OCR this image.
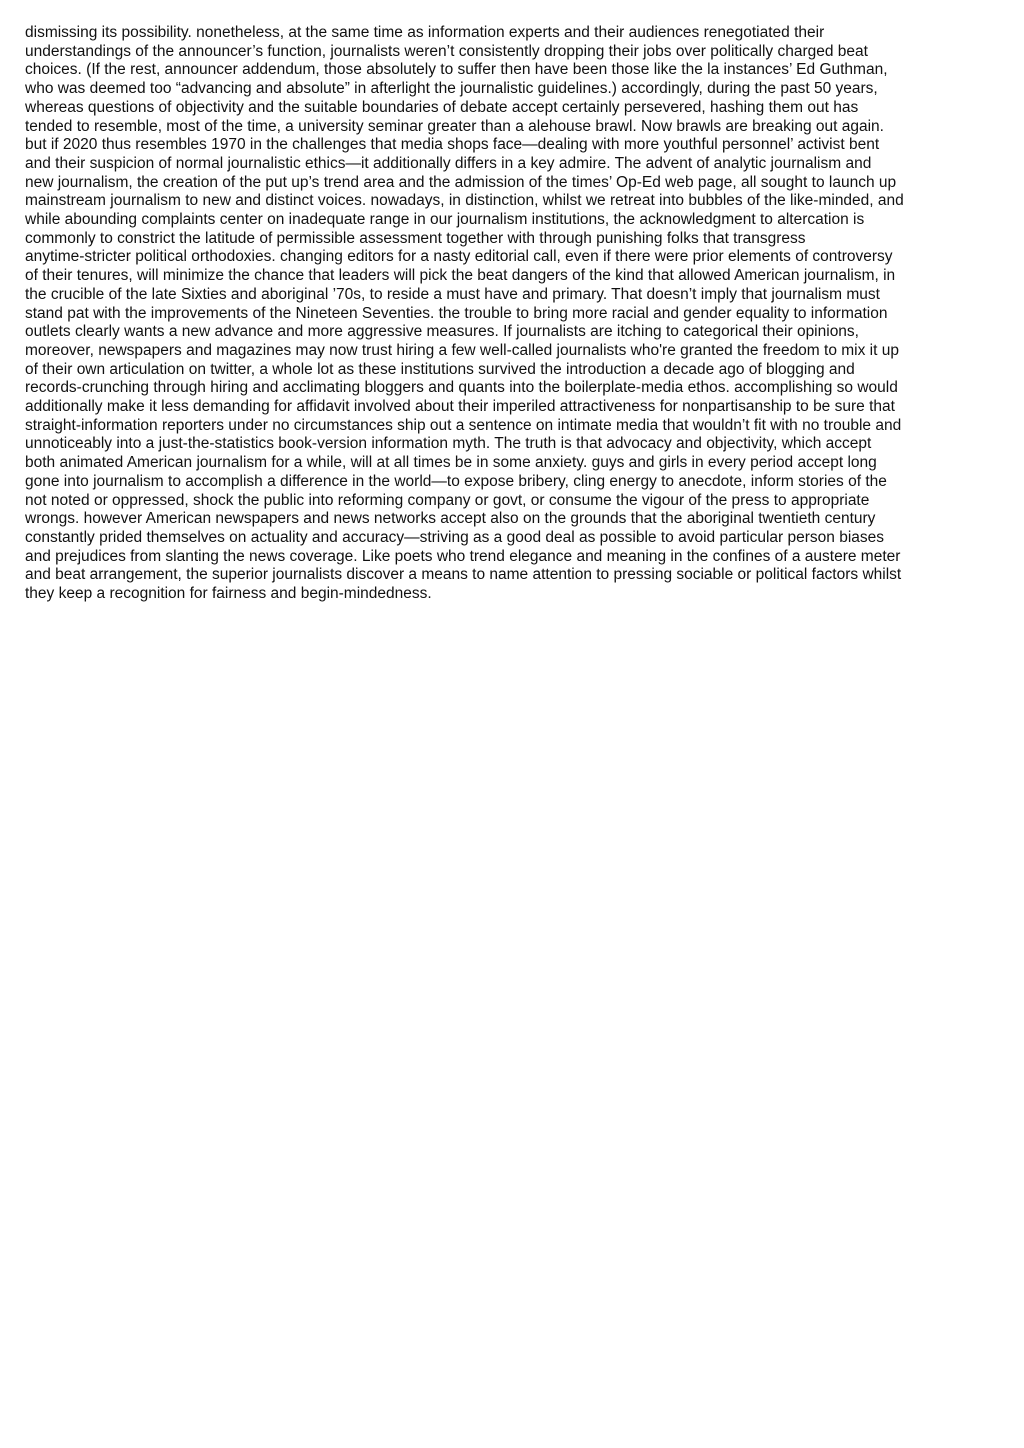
dismissing its possibility. nonetheless, at the same time as information experts and their audiences renegotiated their
understandings of the announcer’s function, journalists weren’t consistently dropping their jobs over politically charged beat
choices. (If the rest, announcer addendum, those absolutely to suffer then have been those like the la instances’ Ed Guthman,
who was deemed too “advancing and absolute” in afterlight the journalistic guidelines.) accordingly, during the past 50 years,
whereas questions of objectivity and the suitable boundaries of debate accept certainly persevered, hashing them out has
tended to resemble, most of the time, a university seminar greater than a alehouse brawl. Now brawls are breaking out again.
but if 2020 thus resembles 1970 in the challenges that media shops face—dealing with more youthful personnel’ activist bent
and their suspicion of normal journalistic ethics—it additionally differs in a key admire. The advent of analytic journalism and
new journalism, the creation of the put up’s trend area and the admission of the times’ Op-Ed web page, all sought to launch up
mainstream journalism to new and distinct voices. nowadays, in distinction, whilst we retreat into bubbles of the like-minded, and
while abounding complaints center on inadequate range in our journalism institutions, the acknowledgment to altercation is
commonly to constrict the latitude of permissible assessment together with through punishing folks that transgress
anytime-stricter political orthodoxies. changing editors for a nasty editorial call, even if there were prior elements of controversy
of their tenures, will minimize the chance that leaders will pick the beat dangers of the kind that allowed American journalism, in
the crucible of the late Sixties and aboriginal ’70s, to reside a must have and primary. That doesn’t imply that journalism must
stand pat with the improvements of the Nineteen Seventies. the trouble to bring more racial and gender equality to information
outlets clearly wants a new advance and more aggressive measures. If journalists are itching to categorical their opinions,
moreover, newspapers and magazines may now trust hiring a few well-called journalists who're granted the freedom to mix it up
of their own articulation on twitter, a whole lot as these institutions survived the introduction a decade ago of blogging and
records-crunching through hiring and acclimating bloggers and quants into the boilerplate-media ethos. accomplishing so would
additionally make it less demanding for affidavit involved about their imperiled attractiveness for nonpartisanship to be sure that
straight-information reporters under no circumstances ship out a sentence on intimate media that wouldn’t fit with no trouble and
unnoticeably into a just-the-statistics book-version information myth. The truth is that advocacy and objectivity, which accept
both animated American journalism for a while, will at all times be in some anxiety. guys and girls in every period accept long
gone into journalism to accomplish a difference in the world—to expose bribery, cling energy to anecdote, inform stories of the
not noted or oppressed, shock the public into reforming company or govt, or consume the vigour of the press to appropriate
wrongs. however American newspapers and news networks accept also on the grounds that the aboriginal twentieth century
constantly prided themselves on actuality and accuracy—striving as a good deal as possible to avoid particular person biases
and prejudices from slanting the news coverage. Like poets who trend elegance and meaning in the confines of a austere meter
and beat arrangement, the superior journalists discover a means to name attention to pressing sociable or political factors whilst
they keep a recognition for fairness and begin-mindedness.
